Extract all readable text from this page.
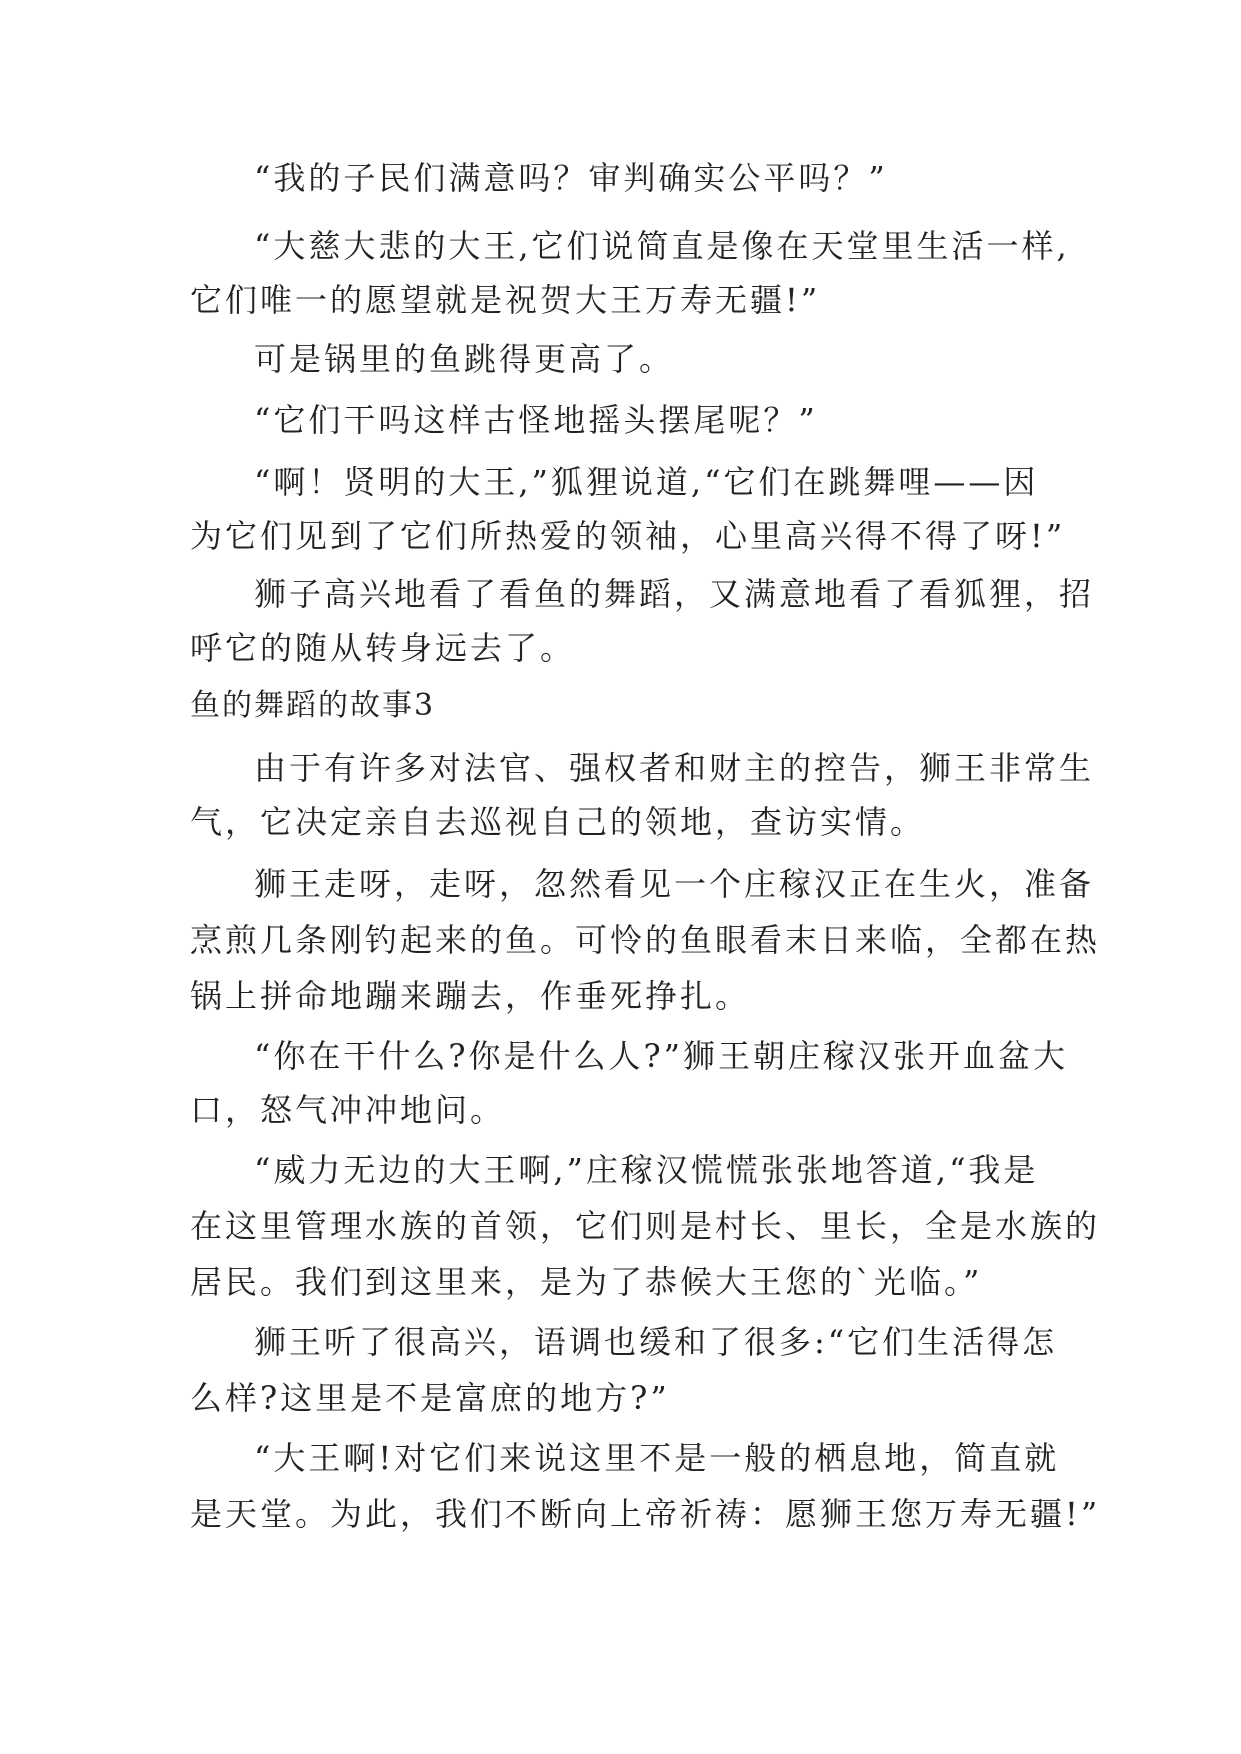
“我的子民们满意吗？审判确实公平吗？”
“大慈大悲的大王,它们说简直是像在天堂里生活一样,
它们唯一的愿望就是祝贺大王万寿无疆!”
可是锅里的鱼跳得更高了。
“它们干吗这样古怪地摇头摆尾呢？”
“啊！贤明的大王,”狐狸说道,“它们在跳舞哩——因
为它们见到了它们所热爱的领袖，心里高兴得不得了呀!”
狮子高兴地看了看鱼的舞蹈，又满意地看了看狐狸，招
呼它的随从转身远去了。
鱼的舞蹈的故事3
由于有许多对法官、强权者和财主的控告，狮王非常生
气，它决定亲自去巡视自己的领地，查访实情。
狮王走呀，走呀，忽然看见一个庄稼汉正在生火，准备
烹煎几条刚钓起来的鱼。可怜的鱼眼看末日来临，全都在热
锅上拼命地蹦来蹦去，作垂死挣扎。
“你在干什么?你是什么人?”狮王朝庄稼汉张开血盆大
口，怒气冲冲地问。
“威力无边的大王啊,”庄稼汉慌慌张张地答道,“我是
在这里管理水族的首领，它们则是村长、里长，全是水族的
居民。我们到这里来，是为了恭候大王您的`光临。”
狮王听了很高兴，语调也缓和了很多:“它们生活得怎
么样?这里是不是富庶的地方?”
“大王啊!对它们来说这里不是一般的栖息地，简直就
是天堂。为此，我们不断向上帝祈祷：愿狮王您万寿无疆!”
